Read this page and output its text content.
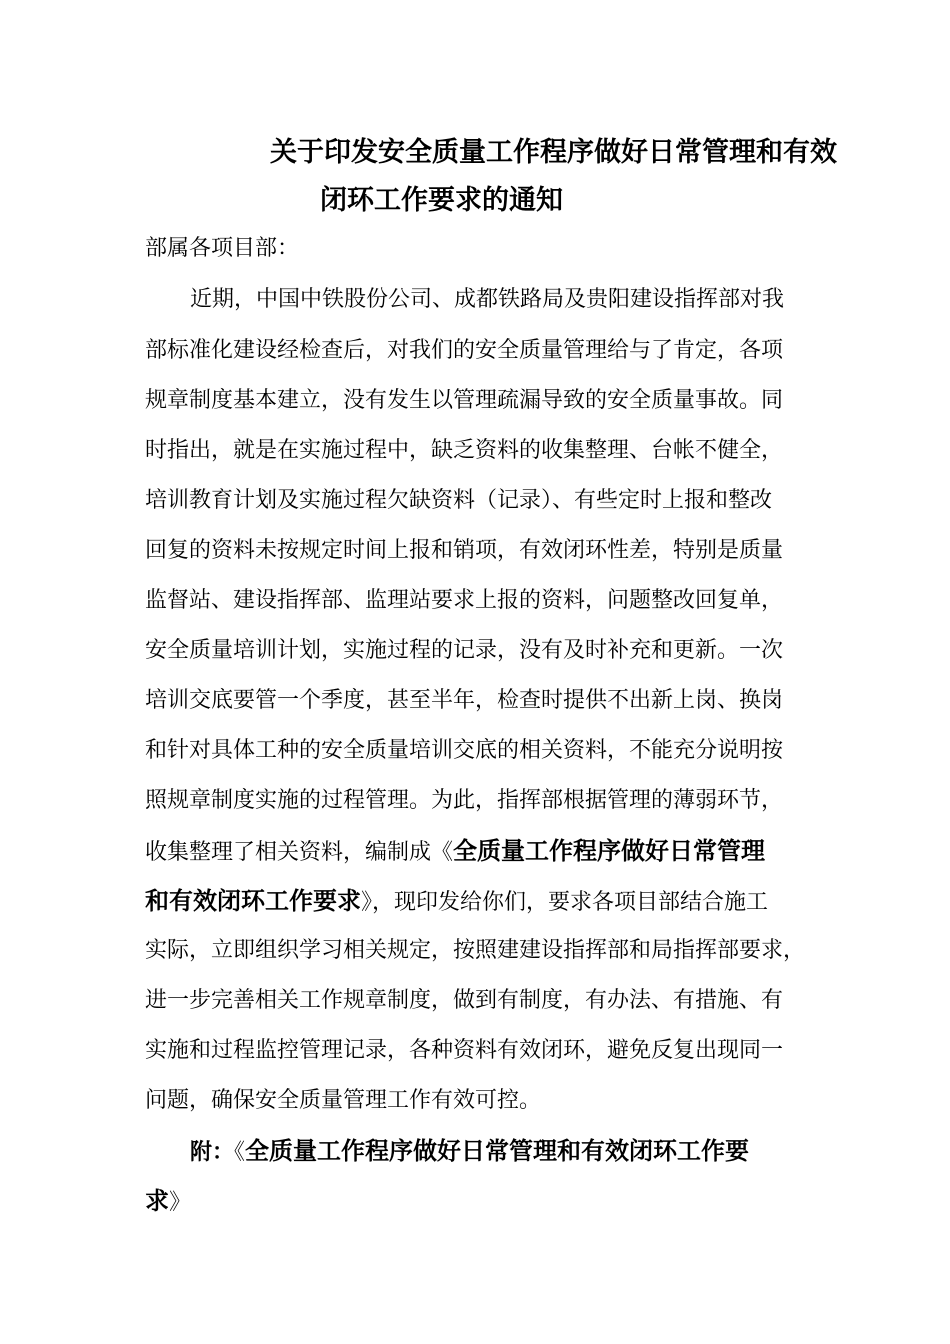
关于印发安全质量工作程序做好日常管理和有效
闭环工作要求的通知
部属各项目部：
近期，中国中铁股份公司、成都铁路局及贵阳建设指挥部对我
部标准化建设经检查后，对我们的安全质量管理给与了肯定，各项
规章制度基本建立，没有发生以管理疏漏导致的安全质量事故。同
时指出，就是在实施过程中，缺乏资料的收集整理、台帐不健全，
培训教育计划及实施过程欠缺资料（记录）、有些定时上报和整改
回复的资料未按规定时间上报和销项，有效闭环性差，特别是质量
监督站、建设指挥部、监理站要求上报的资料，问题整改回复单，
安全质量培训计划，实施过程的记录，没有及时补充和更新。一次
培训交底要管一个季度，甚至半年，检查时提供不出新上岗、换岗
和针对具体工种的安全质量培训交底的相关资料，不能充分说明按
照规章制度实施的过程管理。为此，指挥部根据管理的薄弱环节，
收集整理了相关资料，编制成《全质量工作程序做好日常管理
和有效闭环工作要求》，现印发给你们，要求各项目部结合施工
实际，立即组织学习相关规定，按照建建设指挥部和局指挥部要求，
进一步完善相关工作规章制度，做到有制度，有办法、有措施、有
实施和过程监控管理记录，各种资料有效闭环，避免反复出现同一
问题，确保安全质量管理工作有效可控。
附：《全质量工作程序做好日常管理和有效闭环工作要
求》
